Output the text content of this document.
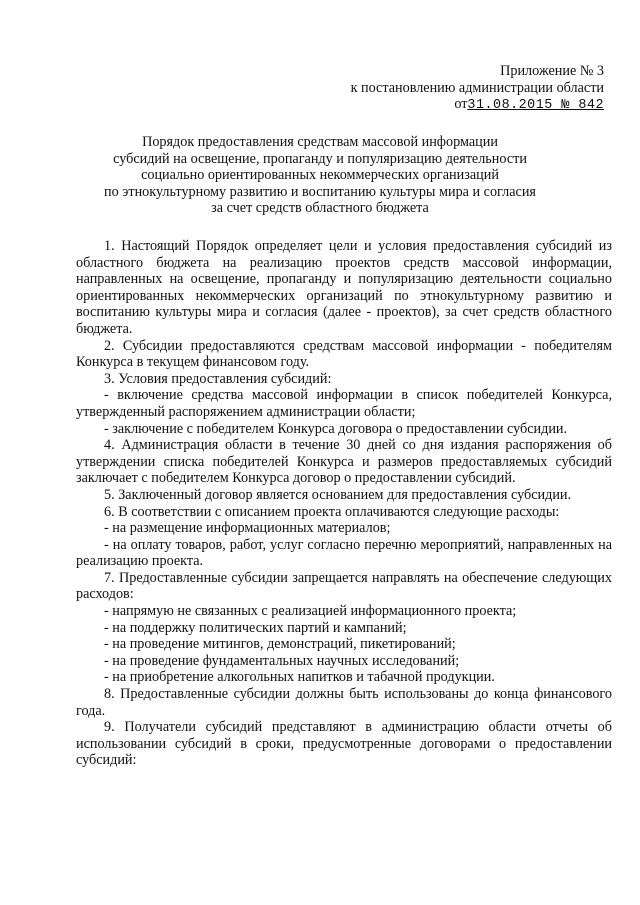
Приложение № 3
к постановлению администрации области
от31.08.2015 № 842
Порядок предоставления средствам массовой информации
субсидий на освещение, пропаганду и популяризацию деятельности
социально ориентированных некоммерческих организаций
по этнокультурному развитию и воспитанию культуры мира и согласия
за счет средств областного бюджета
1. Настоящий Порядок определяет цели и условия предоставления субсидий из областного бюджета на реализацию проектов средств массовой информации, направленных на освещение, пропаганду и популяризацию деятельности социально ориентированных некоммерческих организаций по этнокультурному развитию и воспитанию культуры мира и согласия (далее - проектов), за счет средств областного бюджета.
2. Субсидии предоставляются средствам массовой информации - победителям Конкурса в текущем финансовом году.
3. Условия предоставления субсидий:
- включение средства массовой информации в список победителей Конкурса, утвержденный распоряжением администрации области;
- заключение с победителем Конкурса договора о предоставлении субсидии.
4. Администрация области в течение 30 дней со дня издания распоряжения об утверждении списка победителей Конкурса и размеров предоставляемых субсидий заключает с победителем Конкурса договор о предоставлении субсидий.
5. Заключенный договор является основанием для предоставления субсидии.
6. В соответствии с описанием проекта оплачиваются следующие расходы:
- на размещение информационных материалов;
- на оплату товаров, работ, услуг согласно перечню мероприятий, направленных на реализацию проекта.
7. Предоставленные субсидии запрещается направлять на обеспечение следующих расходов:
- напрямую не связанных с реализацией информационного проекта;
- на поддержку политических партий и кампаний;
- на проведение митингов, демонстраций, пикетирований;
- на проведение фундаментальных научных исследований;
- на приобретение алкогольных напитков и табачной продукции.
8. Предоставленные субсидии должны быть использованы до конца финансового года.
9. Получатели субсидий представляют в администрацию области отчеты об использовании субсидий в сроки, предусмотренные договорами о предоставлении субсидий:
